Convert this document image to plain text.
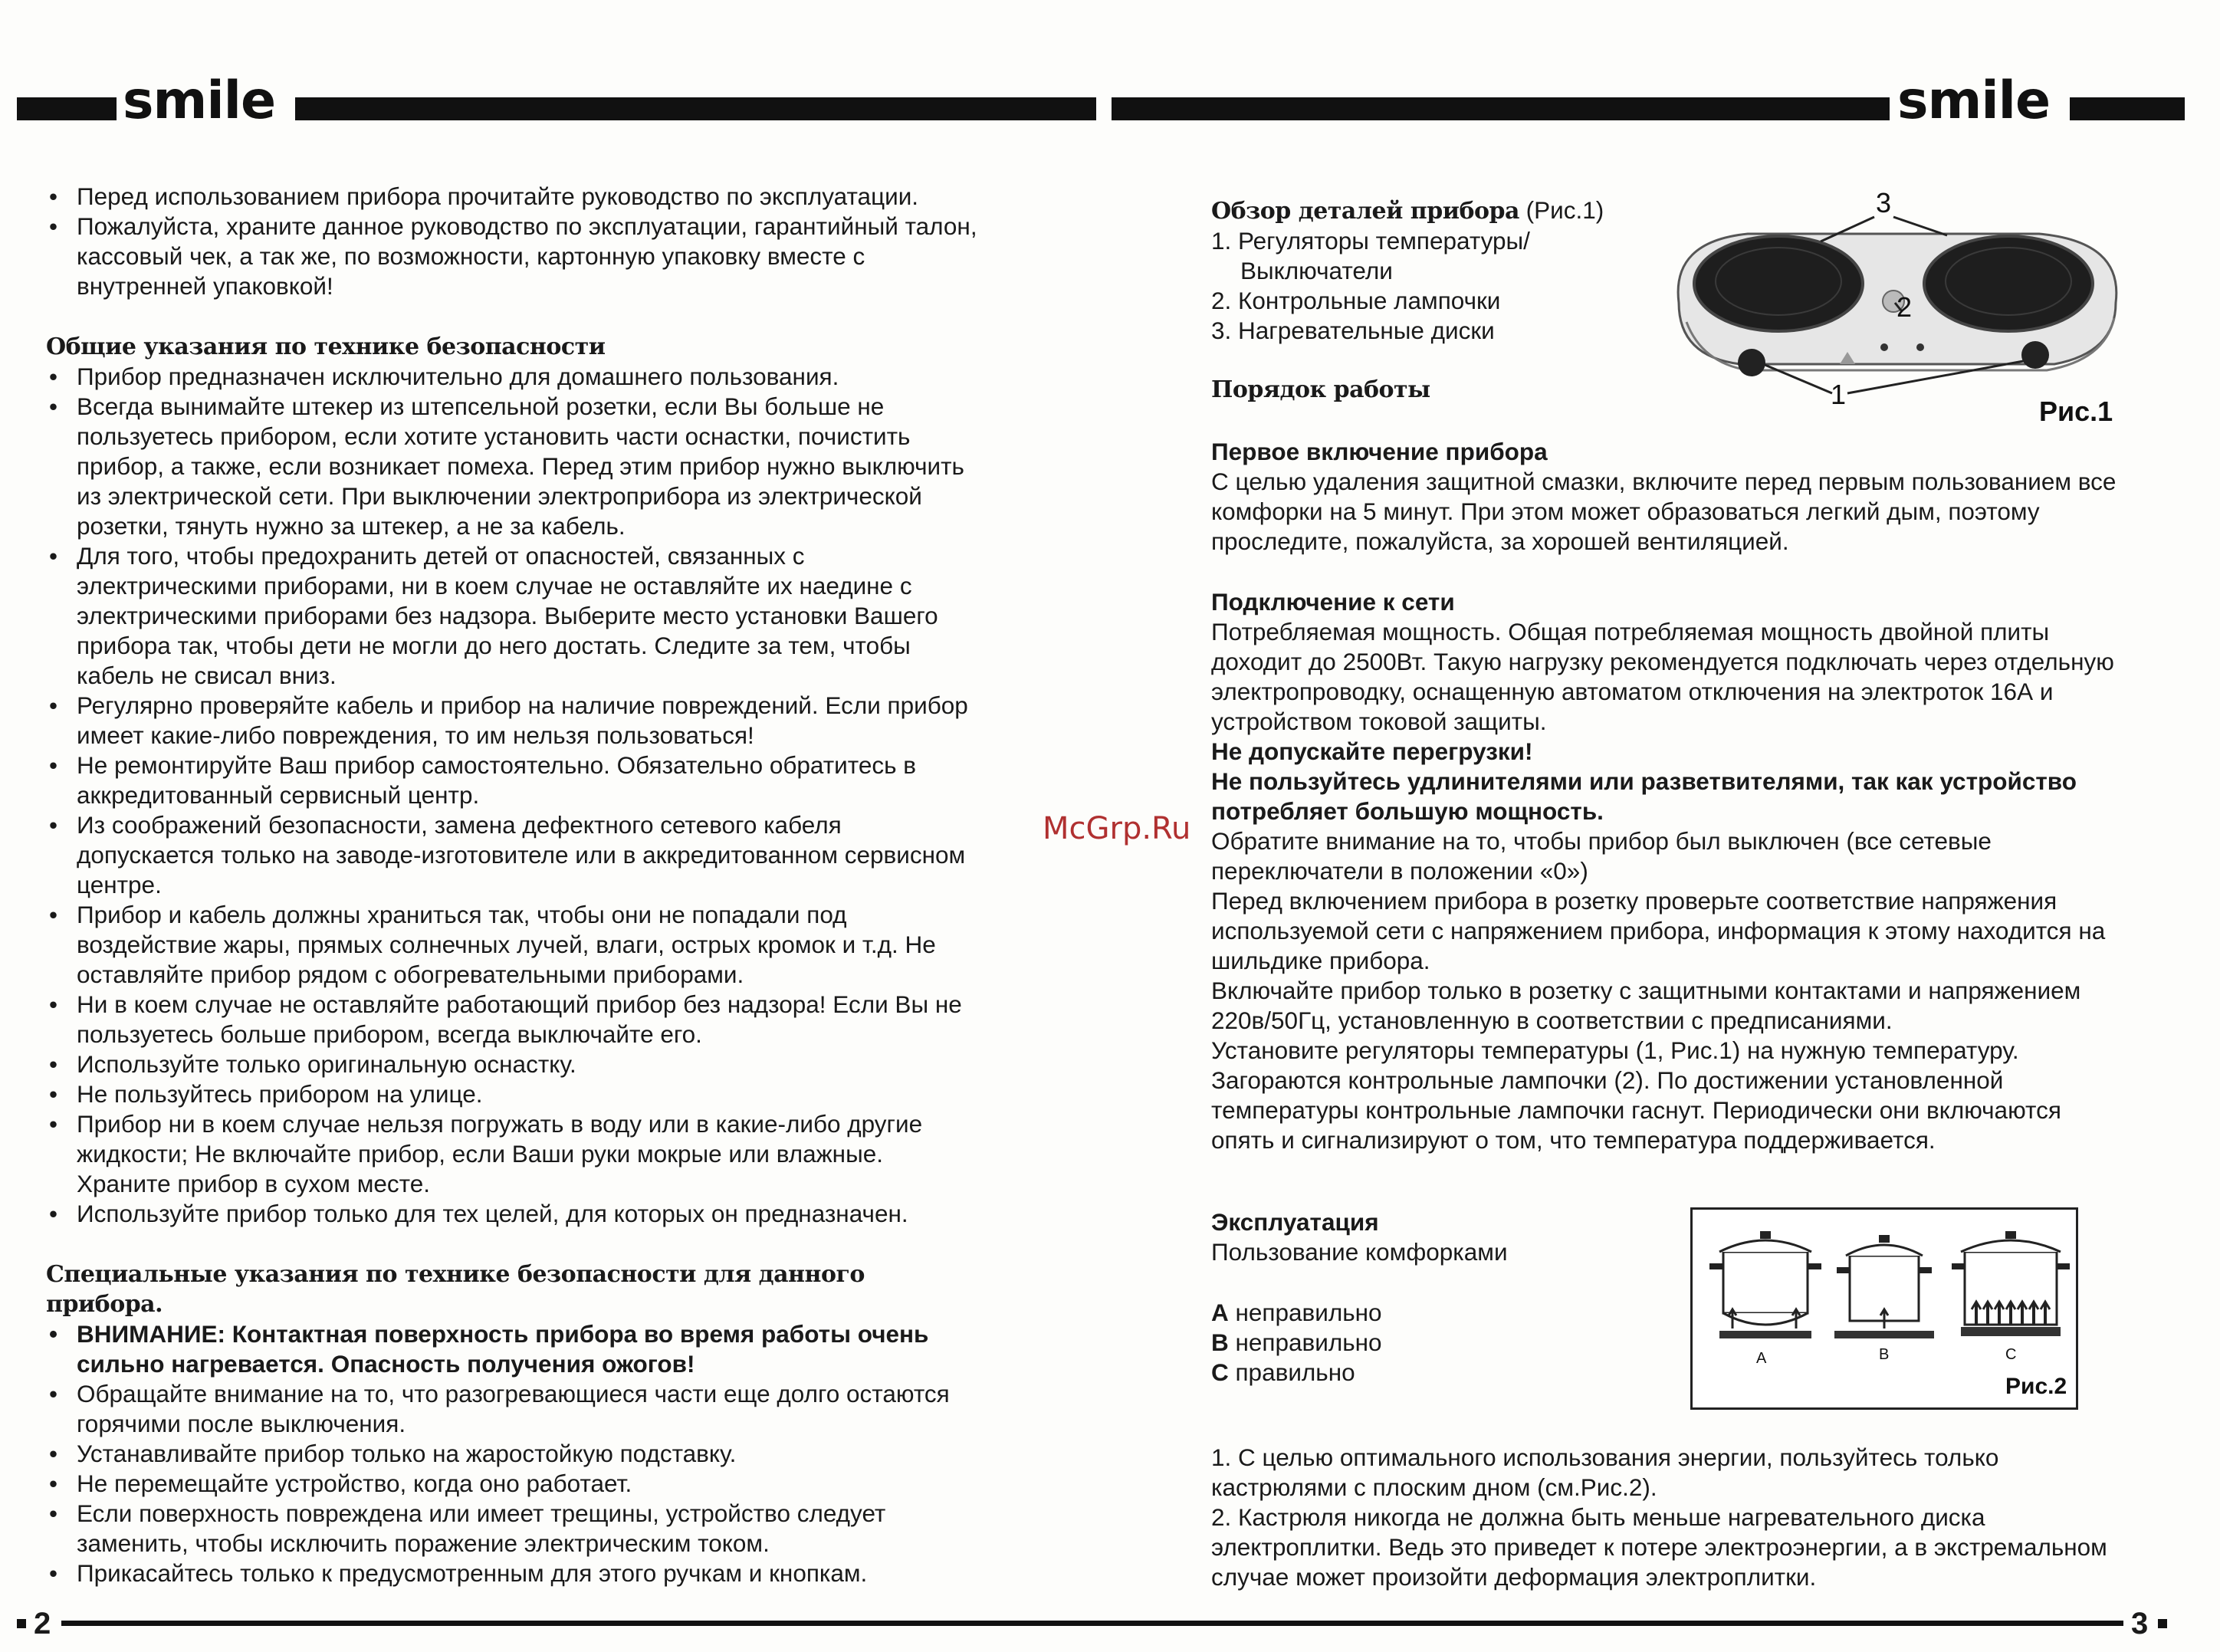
smile	smile
• Перед использованием прибора прочитайте руководство по эксплуатации.
• Пожалуйста, храните данное руководство по эксплуатации, гарантийный талон, кассовый чек, а так же, по возможности, картонную упаковку вместе с внутренней упаковкой!

Общие указания по технике безопасности

• Прибор предназначен исключительно для домашнего пользования.
• Всегда вынимайте штекер из штепсельной розетки, если Вы больше не пользуетесь прибором, если хотите установить части оснастки, почистить прибор, а также, если возникает помеха. Перед этим прибор нужно выключить из электрической сети. При выключении электроприбора из электрической розетки, тянуть нужно за штекер, а не за кабель.
• Для того, чтобы предохранить детей от опасностей, связанных с электрическими приборами, ни в коем случае не оставляйте их наедине с электрическими приборами без надзора. Выберите место установки Вашего прибора так, чтобы дети не могли до него достать. Следите за тем, чтобы кабель не свисал вниз.
• Регулярно проверяйте кабель и прибор на наличие повреждений. Если прибор имеет какие-либо повреждения, то им нельзя пользоваться!
• Не ремонтируйте Ваш прибор самостоятельно. Обязательно обратитесь в аккредитованный сервисный центр.
• Из соображений безопасности, замена дефектного сетевого кабеля допускается только на заводе-изготовителе или в аккредитованном сервисном центре.
• Прибор и кабель должны храниться так, чтобы они не попадали под воздействие жары, прямых солнечных лучей, влаги, острых кромок и т.д. Не оставляйте прибор рядом с обогревательными приборами.
• Ни в коем случае не оставляйте работающий прибор без надзора! Если Вы не пользуетесь больше прибором, всегда выключайте его.
• Используйте только оригинальную оснастку.
• Не пользуйтесь прибором на улице.
• Прибор ни в коем случае нельзя погружать в воду или в какие-либо другие жидкости; Не включайте прибор, если Ваши руки мокрые или влажные. Храните прибор в сухом месте.
• Используйте прибор только для тех целей, для которых он предназначен.

Специальные указания по технике безопасности для данного прибора.

• ВНИМАНИЕ: Контактная поверхность прибора во время работы очень сильно нагревается. Опасность получения ожогов!
• Обращайте внимание на то, что разогревающиеся части еще долго остаются горячими после выключения.
• Устанавливайте прибор только на жаростойкую подставку.
• Не перемещайте устройство, когда оно работает.
• Если поверхность повреждена или имеет трещины, устройство следует заменить, чтобы исключить поражение электрическим током.
• Прикасайтесь только к предусмотренным для этого ручкам и кнопкам.
McGrp.Ru

Обзор деталей прибора (Рис.1)

1. Регуляторы температуры/

Выключатели

2. Контрольные лампочки

3. Нагревательные диски

Порядок работы

3
2
1
Рис.1

Первое включение прибора

С целью удаления защитной смазки, включите перед первым пользованием все комфорки на 5 минут. При этом может образоваться легкий дым, поэтому проследите, пожалуйста, за хорошей вентиляцией.

Подключение к сети

Потребляемая мощность. Общая потребляемая мощность двойной плиты доходит до 2500Вт. Такую нагрузку рекомендуется подключать через отдельную электропроводку, оснащенную автоматом отключения на электроток 16А и устройством токовой защиты.

Не допускайте перегрузки!

Не пользуйтесь удлинителями или разветвителями, так как устройство потребляет большую мощность.

Обратите внимание на то, чтобы прибор был выключен (все сетевые переключатели в положении «0»)

Перед включением прибора в розетку проверьте соответствие напряжения используемой сети с напряжением прибора, информация к этому находится на шильдике прибора.

Включайте прибор только в розетку с защитными контактами и напряжением 220в/50Гц, установленную в соответствии с предписаниями.

Установите регуляторы температуры (1, Рис.1) на нужную температуру. Загораются контрольные лампочки (2). По достижении установленной температуры контрольные лампочки гаснут. Периодически они включаются опять и сигнализируют о том, что температура поддерживается.

Эксплуатация

Пользование комфорками

A неправильно

B неправильно

C правильно	A	B	C
Рис.2

1. С целью оптимального использования энергии, пользуйтесь только кастрюлями с плоским дном (см.Рис.2).

2. Кастрюля никогда не должна быть меньше нагревательного диска электроплитки. Ведь это приведет к потере электроэнергии, а в экстремальном случае может произойти деформация электроплитки.

2	3
